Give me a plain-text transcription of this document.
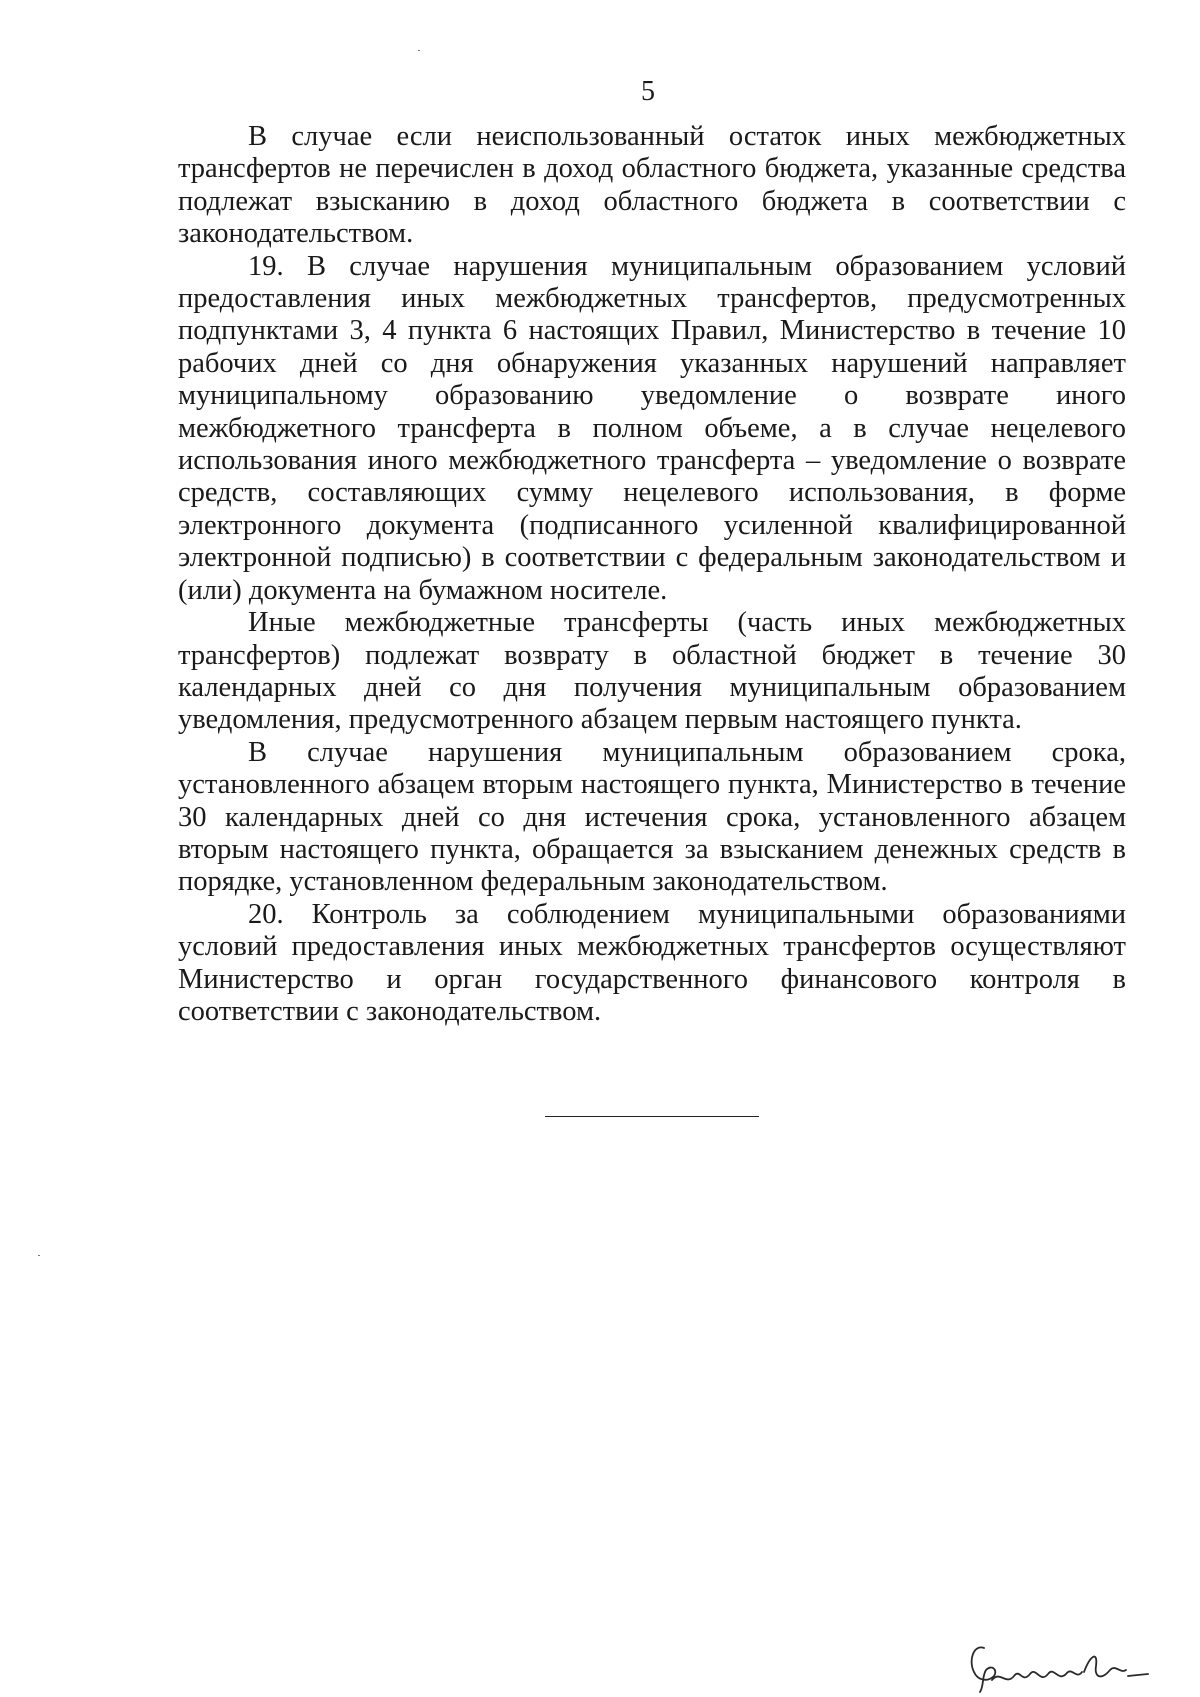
5

В случае если неиспользованный остаток иных межбюджетных трансфертов не перечислен в доход областного бюджета, указанные средства подлежат взысканию в доход областного бюджета в соответствии с законодательством.

19. В случае нарушения муниципальным образованием условий предоставления иных межбюджетных трансфертов, предусмотренных подпунктами 3, 4 пункта 6 настоящих Правил, Министерство в течение 10 рабочих дней со дня обнаружения указанных нарушений направляет муниципальному образованию уведомление о возврате иного межбюджетного трансферта в полном объеме, а в случае нецелевого использования иного межбюджетного трансферта – уведомление о возврате средств, составляющих сумму нецелевого использования, в форме электронного документа (подписанного усиленной квалифицированной электронной подписью) в соответствии с федеральным законодательством и (или) документа на бумажном носителе.

Иные межбюджетные трансферты (часть иных межбюджетных трансфертов) подлежат возврату в областной бюджет в течение 30 календарных дней со дня получения муниципальным образованием уведомления, предусмотренного абзацем первым настоящего пункта.

В случае нарушения муниципальным образованием срока, установленного абзацем вторым настоящего пункта, Министерство в течение 30 календарных дней со дня истечения срока, установленного абзацем вторым настоящего пункта, обращается за взысканием денежных средств в порядке, установленном федеральным законодательством.

20. Контроль за соблюдением муниципальными образованиями условий предоставления иных межбюджетных трансфертов осуществляют Министерство и орган государственного финансового контроля в соответствии с законодательством.
